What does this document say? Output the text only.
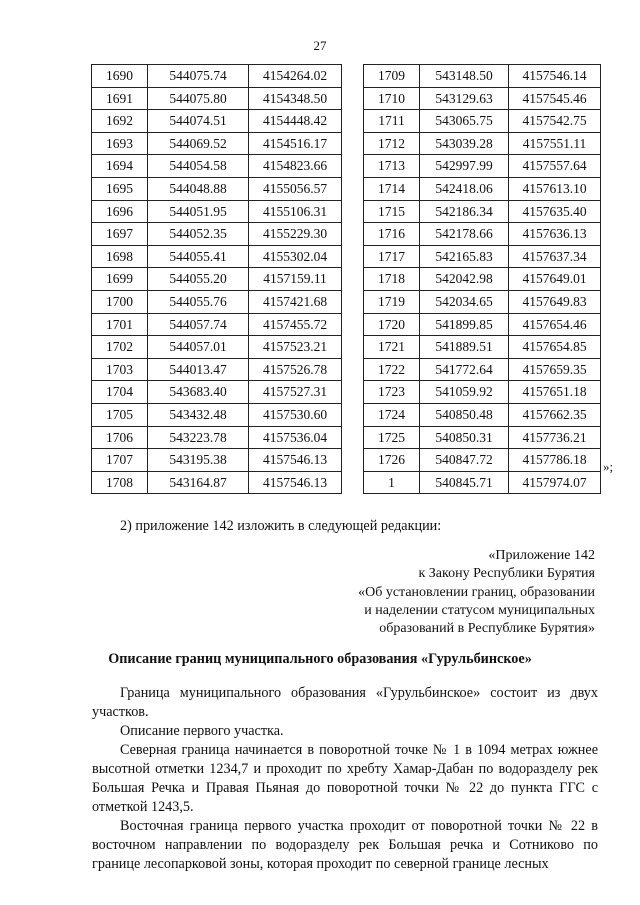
27
1690	544075.74	4154264.02
1691	544075.80	4154348.50
1692	544074.51	4154448.42
1693	544069.52	4154516.17
1694	544054.58	4154823.66
1695	544048.88	4155056.57
1696	544051.95	4155106.31
1697	544052.35	4155229.30
1698	544055.41	4155302.04
1699	544055.20	4157159.11
1700	544055.76	4157421.68
1701	544057.74	4157455.72
1702	544057.01	4157523.21
1703	544013.47	4157526.78
1704	543683.40	4157527.31
1705	543432.48	4157530.60
1706	543223.78	4157536.04
1707	543195.38	4157546.13
1708	543164.87	4157546.13
1709	543148.50	4157546.14
1710	543129.63	4157545.46
1711	543065.75	4157542.75
1712	543039.28	4157551.11
1713	542997.99	4157557.64
1714	542418.06	4157613.10
1715	542186.34	4157635.40
1716	542178.66	4157636.13
1717	542165.83	4157637.34
1718	542042.98	4157649.01
1719	542034.65	4157649.83
1720	541899.85	4157654.46
1721	541889.51	4157654.85
1722	541772.64	4157659.35
1723	541059.92	4157651.18
1724	540850.48	4157662.35
1725	540850.31	4157736.21
1726	540847.72	4157786.18
1	540845.71	4157974.07
»;
2) приложение 142 изложить в следующей редакции:
«Приложение 142
к Закону Республики Бурятия
«Об установлении границ, образовании
и наделении статусом муниципальных
образований в Республике Бурятия»
Описание границ муниципального образования «Гурульбинское»

Граница муниципального образования «Гурульбинское» состоит из двух участков.

Описание первого участка.

Северная граница начинается в поворотной точке № 1 в 1094 метрах южнее высотной отметки 1234,7 и проходит по хребту Хамар-Дабан по водоразделу рек Большая Речка и Правая Пьяная до поворотной точки № 22 до пункта ГГС с отметкой 1243,5.

Восточная граница первого участка проходит от поворотной точки № 22 в восточном направлении по водоразделу рек Большая речка и Сотниково по границе лесопарковой зоны, которая проходит по северной границе лесных
